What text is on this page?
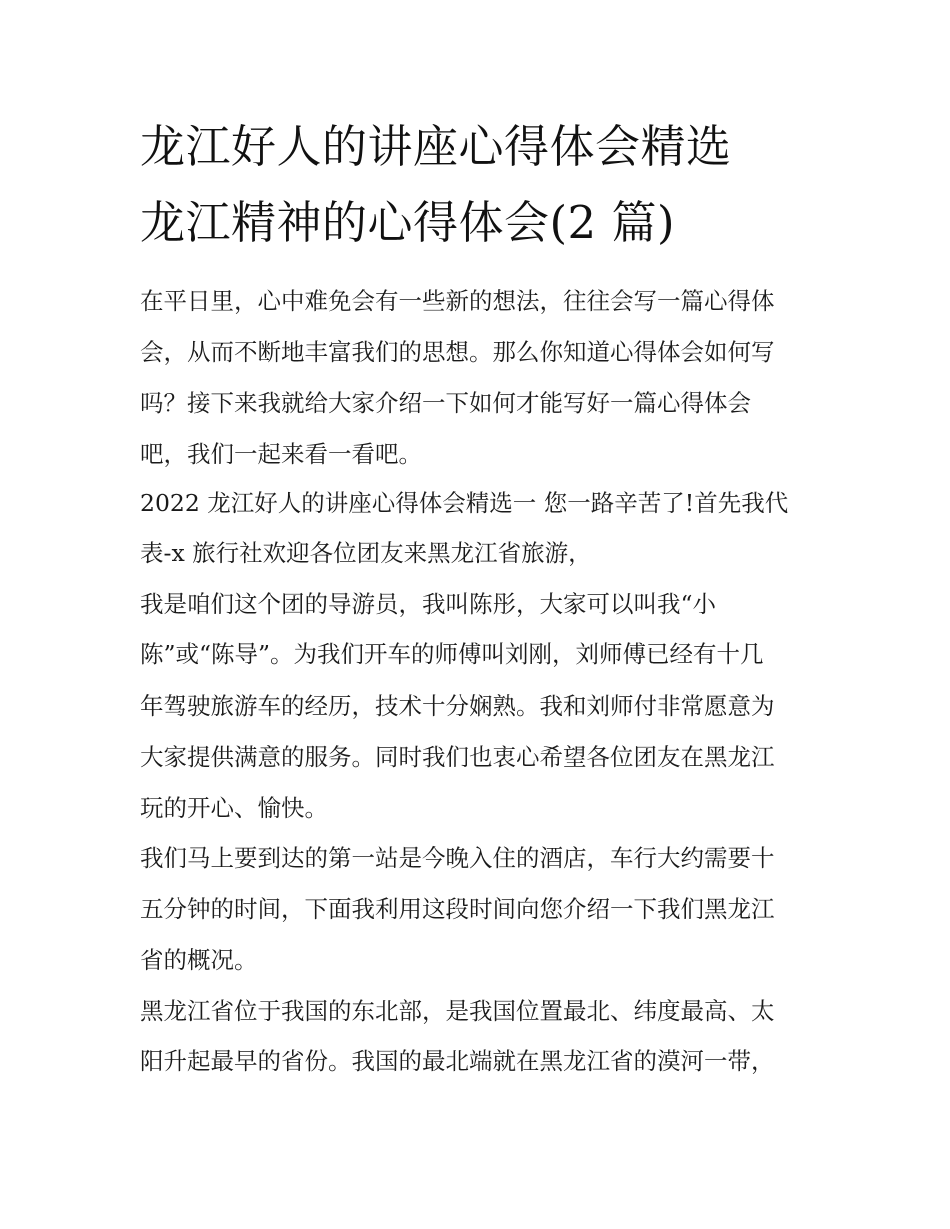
龙江好人的讲座心得体会精选
龙江精神的心得体会(2 篇)
在平日里，心中难免会有一些新的想法，往往会写一篇心得体
会，从而不断地丰富我们的思想。那么你知道心得体会如何写
吗？接下来我就给大家介绍一下如何才能写好一篇心得体会
吧，我们一起来看一看吧。
2022 龙江好人的讲座心得体会精选一 您一路辛苦了!首先我代
表-x 旅行社欢迎各位团友来黑龙江省旅游，
我是咱们这个团的导游员，我叫陈彤，大家可以叫我“小
陈”或“陈导”。为我们开车的师傅叫刘刚，刘师傅已经有十几
年驾驶旅游车的经历，技术十分娴熟。我和刘师付非常愿意为
大家提供满意的服务。同时我们也衷心希望各位团友在黑龙江
玩的开心、愉快。
我们马上要到达的第一站是今晚入住的酒店，车行大约需要十
五分钟的时间，下面我利用这段时间向您介绍一下我们黑龙江
省的概况。
黑龙江省位于我国的东北部，是我国位置最北、纬度最高、太
阳升起最早的省份。我国的最北端就在黑龙江省的漠河一带，
